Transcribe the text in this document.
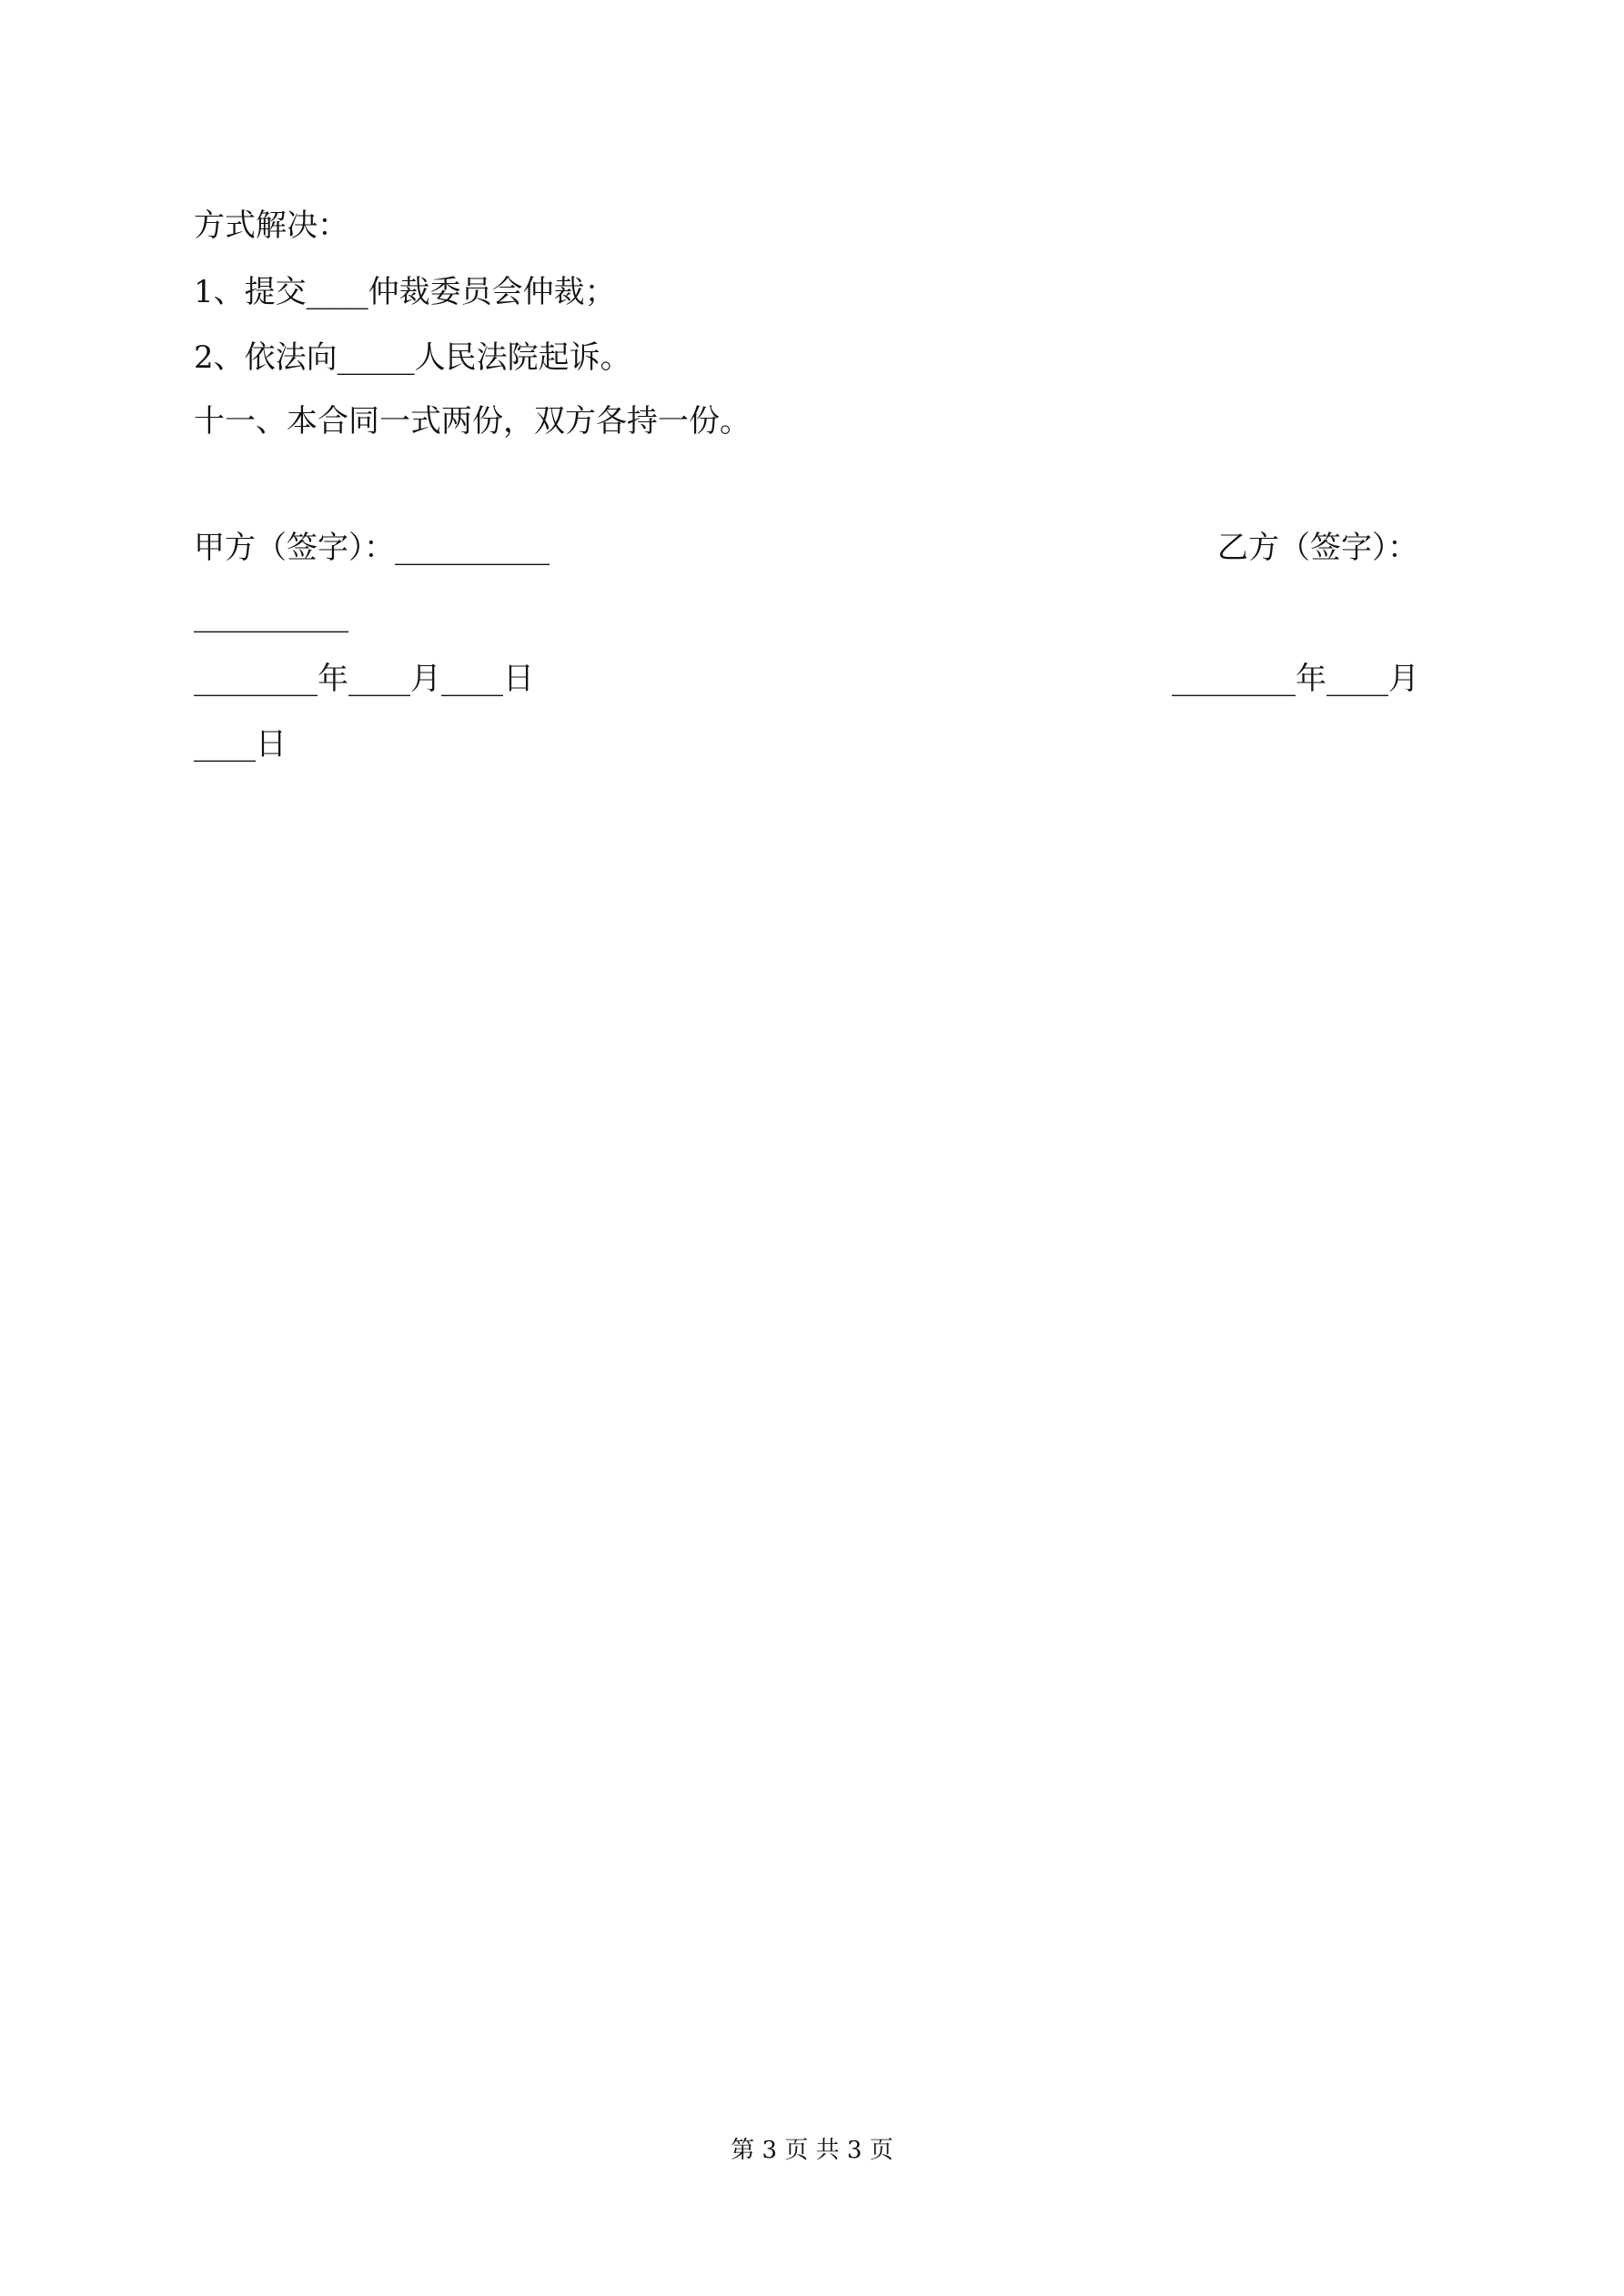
方式解决：

1、提交____仲裁委员会仲裁；

2、依法向_____人民法院起诉。

十一、本合同一式两份，双方各持一份。

甲方（签字）：__________	乙方（签字）：

__________

________年____月____日	________年____月

____日

第 3 页 共 3 页
